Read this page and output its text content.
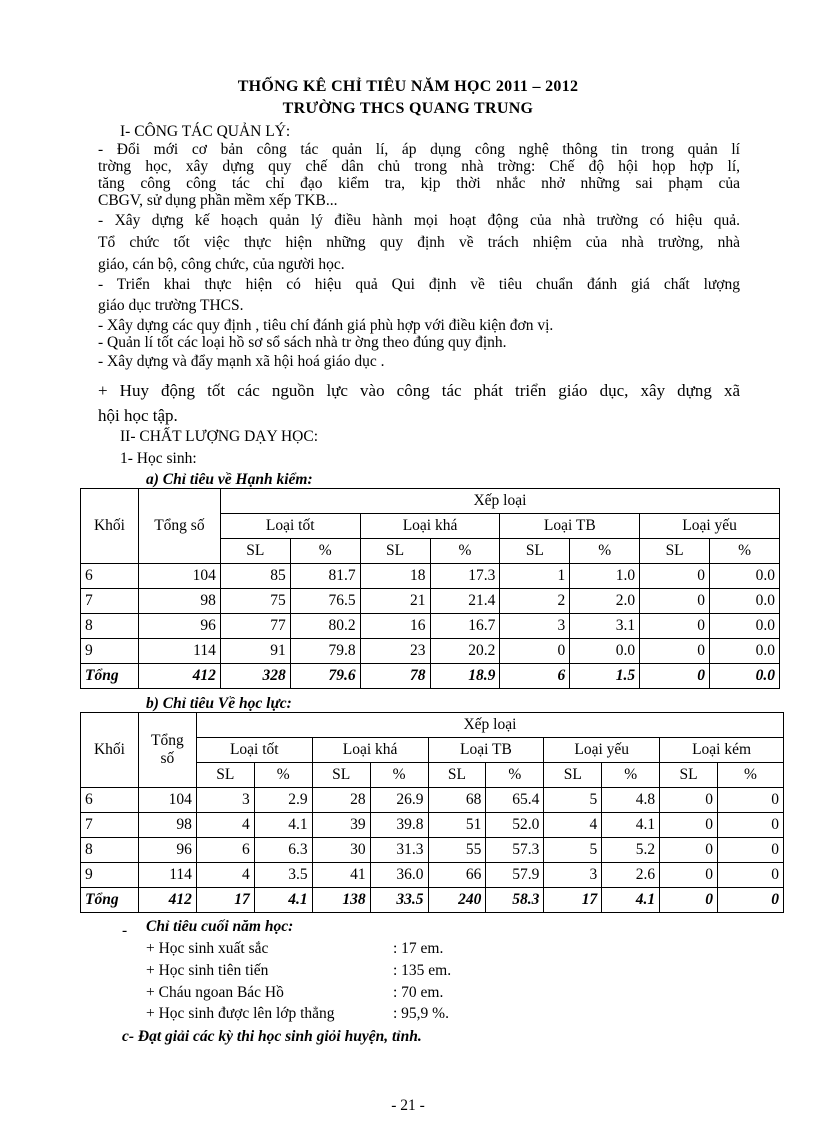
THỐNG KÊ CHỈ TIÊU NĂM HỌC 2011 – 2012
TRƯỜNG THCS QUANG TRUNG
I- CÔNG TÁC QUẢN LÝ:
- Đổi mới cơ bản công tác quản lí, áp dụng công nghệ thông tin trong quản lí
trờng học, xây dựng quy chế dân chủ trong nhà trờng: Chế độ hội họp hợp lí,
tăng công công tác chỉ đạo kiểm tra, kịp thời nhắc nhở những sai phạm của
CBGV, sử dụng phần mềm xếp TKB...
- Xây dựng kế hoạch quản lý điều hành mọi hoạt động của nhà trường có hiệu quả.
Tổ chức tốt việc thực hiện những quy định về trách nhiệm của nhà trường, nhà
giáo, cán bộ, công chức, của người học.
- Triển khai thực hiện có hiệu quả Qui định về tiêu chuẩn đánh giá chất lượng
giáo dục trường THCS.
- Xây dựng các quy định , tiêu chí đánh giá phù hợp với điều kiện đơn vị.
- Quản lí tốt các loại hồ sơ sổ sách nhà tr ờng theo đúng quy định.
- Xây dựng và đẩy mạnh xã hội hoá giáo dục .
+ Huy động tốt các nguồn lực vào công tác phát triển giáo dục, xây dựng xã
hội học tập.
II- CHẤT LƯỢNG DẠY HỌC:
1- Học sinh:
a) Chỉ tiêu về Hạnh kiểm:
Khối	Tổng số	Xếp loại							
		Loại tốt		Loại khá		Loại TB		Loại yếu	
		SL	%	SL	%	SL	%	SL	%
6	104	85	81.7	18	17.3	1	1.0	0	0.0
7	98	75	76.5	21	21.4	2	2.0	0	0.0
8	96	77	80.2	16	16.7	3	3.1	0	0.0
9	114	91	79.8	23	20.2	0	0.0	0	0.0
Tổng	412	328	79.6	78	18.9	6	1.5	0	0.0
b) Chỉ tiêu Về học lực:
Khối	Tổng số	Xếp loại									
		Loại tốt		Loại khá		Loại TB		Loại yếu		Loại kém	
		SL	%	SL	%	SL	%	SL	%	SL	%
6	104	3	2.9	28	26.9	68	65.4	5	4.8	0	0
7	98	4	4.1	39	39.8	51	52.0	4	4.1	0	0
8	96	6	6.3	30	31.3	55	57.3	5	5.2	0	0
9	114	4	3.5	41	36.0	66	57.9	3	2.6	0	0
Tổng	412	17	4.1	138	33.5	240	58.3	17	4.1	0	0
- Chỉ tiêu cuối năm học:
+ Học sinh xuất sắc	: 17 em.
+ Học sinh tiên tiến	: 135 em.
+ Cháu ngoan Bác Hồ	: 70 em.
+ Học sinh được lên lớp thẳng	: 95,9 %.
c- Đạt giải các kỳ thi học sinh giỏi huyện, tỉnh.
- 21 -
